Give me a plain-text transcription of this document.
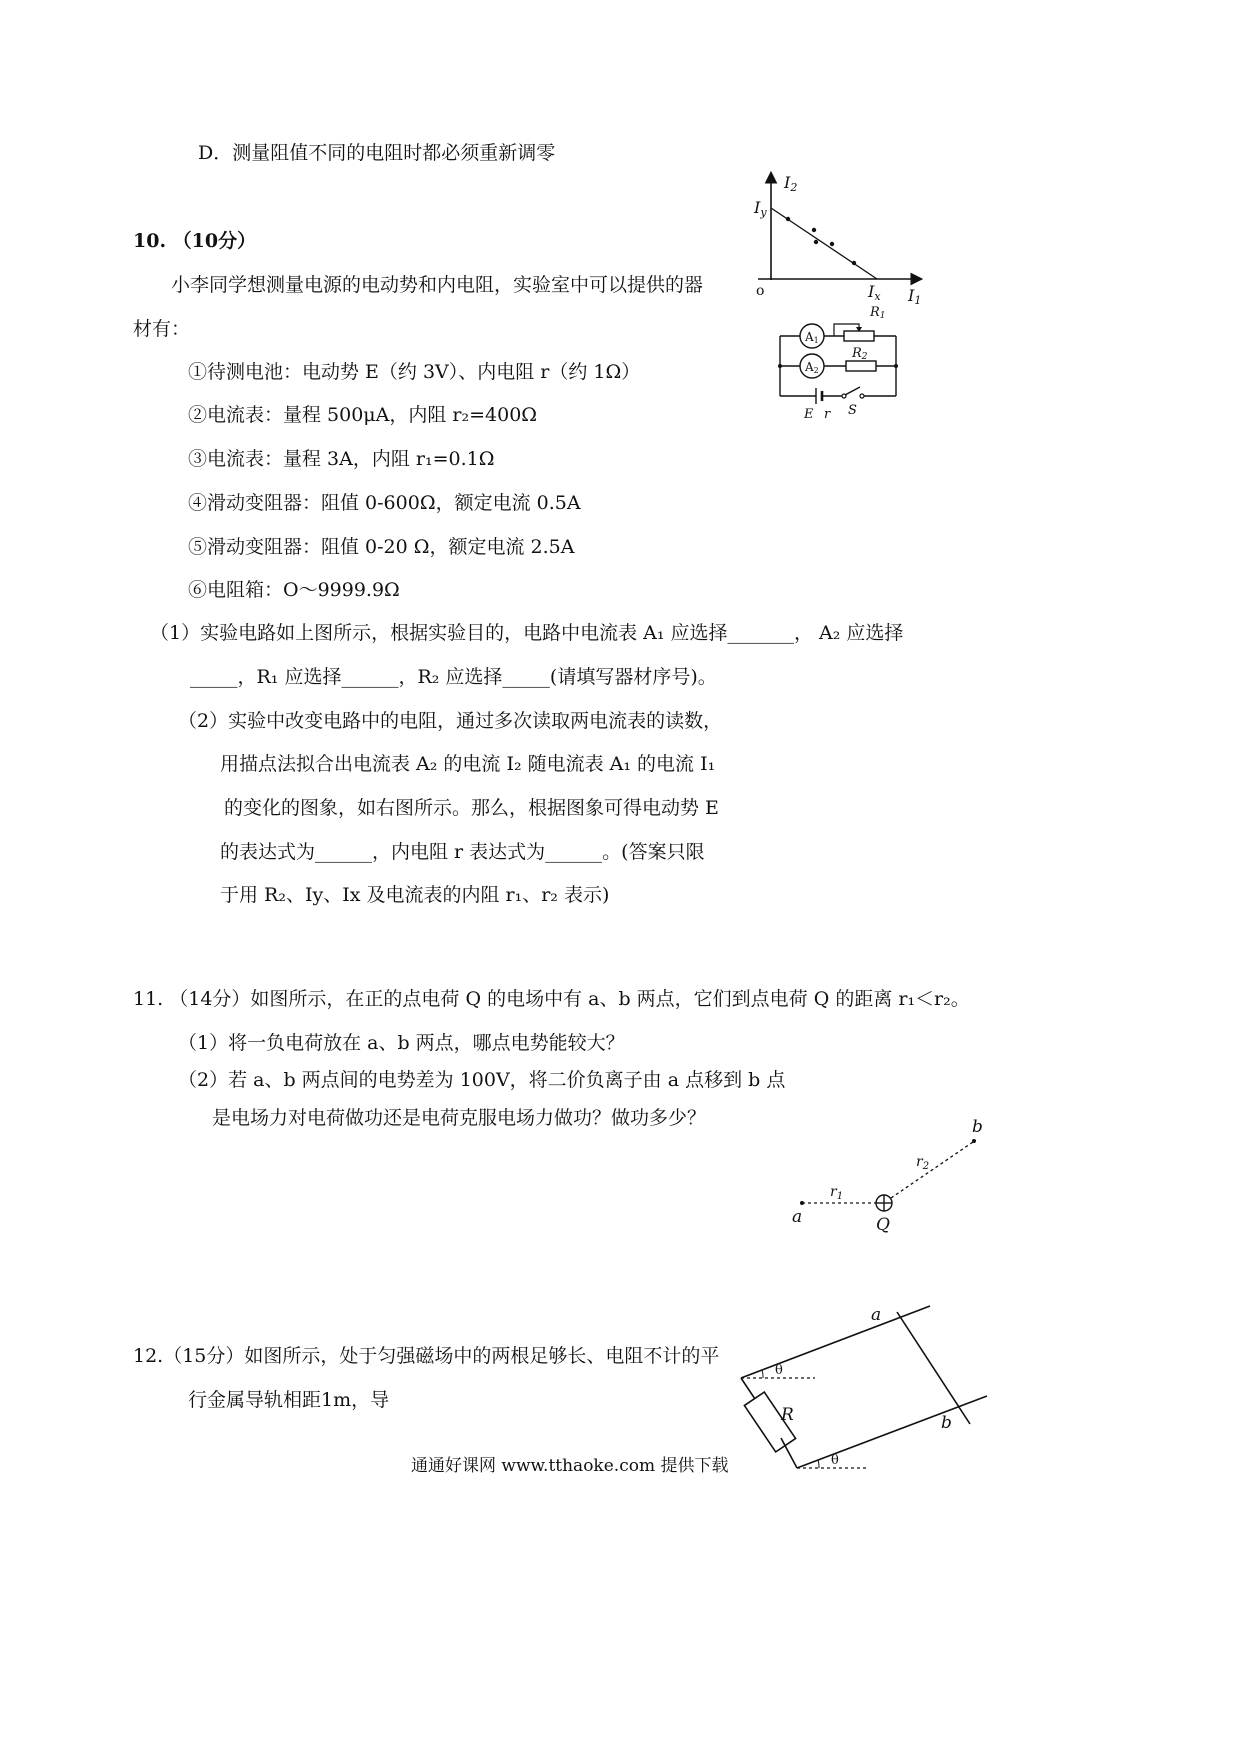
D．测量阻值不同的电阻时都必须重新调零
10. （10分）
小李同学想测量电源的电动势和内电阻，实验室中可以提供的器
材有：
①待测电池：电动势 E（约 3V）、内电阻 r（约 1Ω）
②电流表：量程 500μA，内阻 r₂=400Ω
③电流表：量程 3A，内阻 r₁=0.1Ω
④滑动变阻器：阻值 0-600Ω，额定电流 0.5A
⑤滑动变阻器：阻值 0-20 Ω，额定电流 2.5A
⑥电阻箱：O～9999.9Ω
（1）实验电路如上图所示，根据实验目的，电路中电流表 A₁ 应选择_______， A₂ 应选择
_____，R₁ 应选择______，R₂ 应选择_____(请填写器材序号)。
（2）实验中改变电路中的电阻，通过多次读取两电流表的读数，
用描点法拟合出电流表 A₂ 的电流 I₂ 随电流表 A₁ 的电流 I₁
的变化的图象，如右图所示。那么，根据图象可得电动势 E
的表达式为______，内电阻 r 表达式为______。(答案只限
于用 R₂、Iy、Ix 及电流表的内阻 r₁、r₂ 表示)
I2
I1
o
Iy
Ix
A1
R1
A2
R2
E r S
11. （14分）如图所示，在正的点电荷 Q 的电场中有 a、b 两点，它们到点电荷 Q 的距离 r₁＜r₂。
（1）将一负电荷放在 a、b 两点，哪点电势能较大？
（2）若 a、b 两点间的电势差为 100V，将二价负离子由 a 点移到 b 点
是电场力对电荷做功还是电荷克服电场力做功？做功多少？
a	Q
b
$r_1$
$r_2$
12.（15分）如图所示，处于匀强磁场中的两根足够长、电阻不计的平
行金属导轨相距1m，导
θ
θ
a
b
R
通通好课网 www.tthaoke.com 提供下载
